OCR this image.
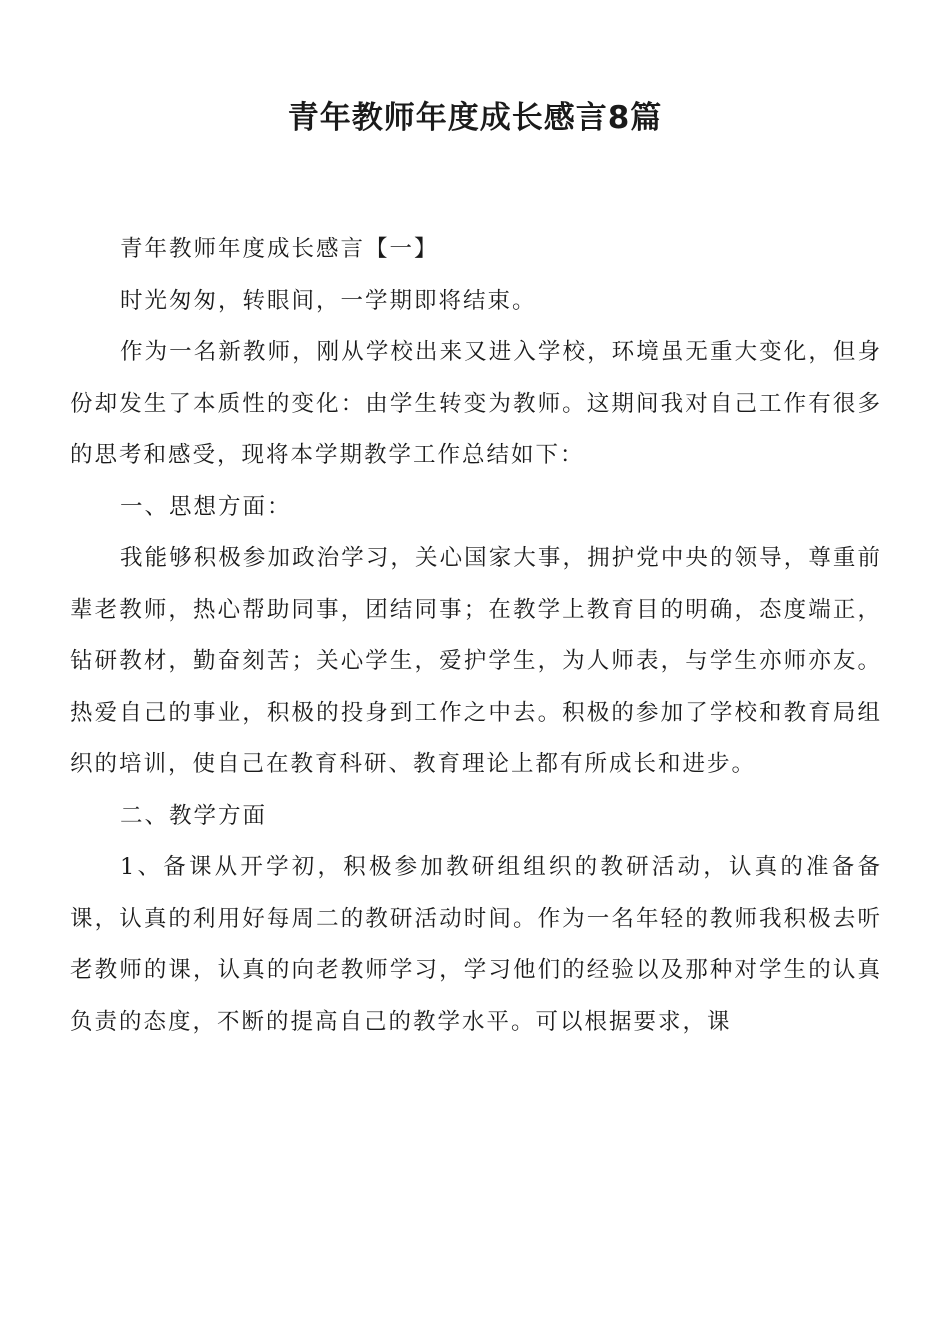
青年教师年度成长感言8篇

青年教师年度成长感言【一】

时光匆匆，转眼间，一学期即将结束。

作为一名新教师，刚从学校出来又进入学校，环境虽无重大变化，但身份却发生了本质性的变化：由学生转变为教师。这期间我对自己工作有很多的思考和感受，现将本学期教学工作总结如下：

一、思想方面：

我能够积极参加政治学习，关心国家大事，拥护党中央的领导，尊重前辈老教师，热心帮助同事，团结同事；在教学上教育目的明确，态度端正，钻研教材，勤奋刻苦；关心学生，爱护学生，为人师表，与学生亦师亦友。热爱自己的事业，积极的投身到工作之中去。积极的参加了学校和教育局组织的培训，使自己在教育科研、教育理论上都有所成长和进步。

二、教学方面

1、备课从开学初，积极参加教研组组织的教研活动，认真的准备备课，认真的利用好每周二的教研活动时间。作为一名年轻的教师我积极去听老教师的课，认真的向老教师学习，学习他们的经验以及那种对学生的认真负责的态度，不断的提高自己的教学水平。可以根据要求，课
